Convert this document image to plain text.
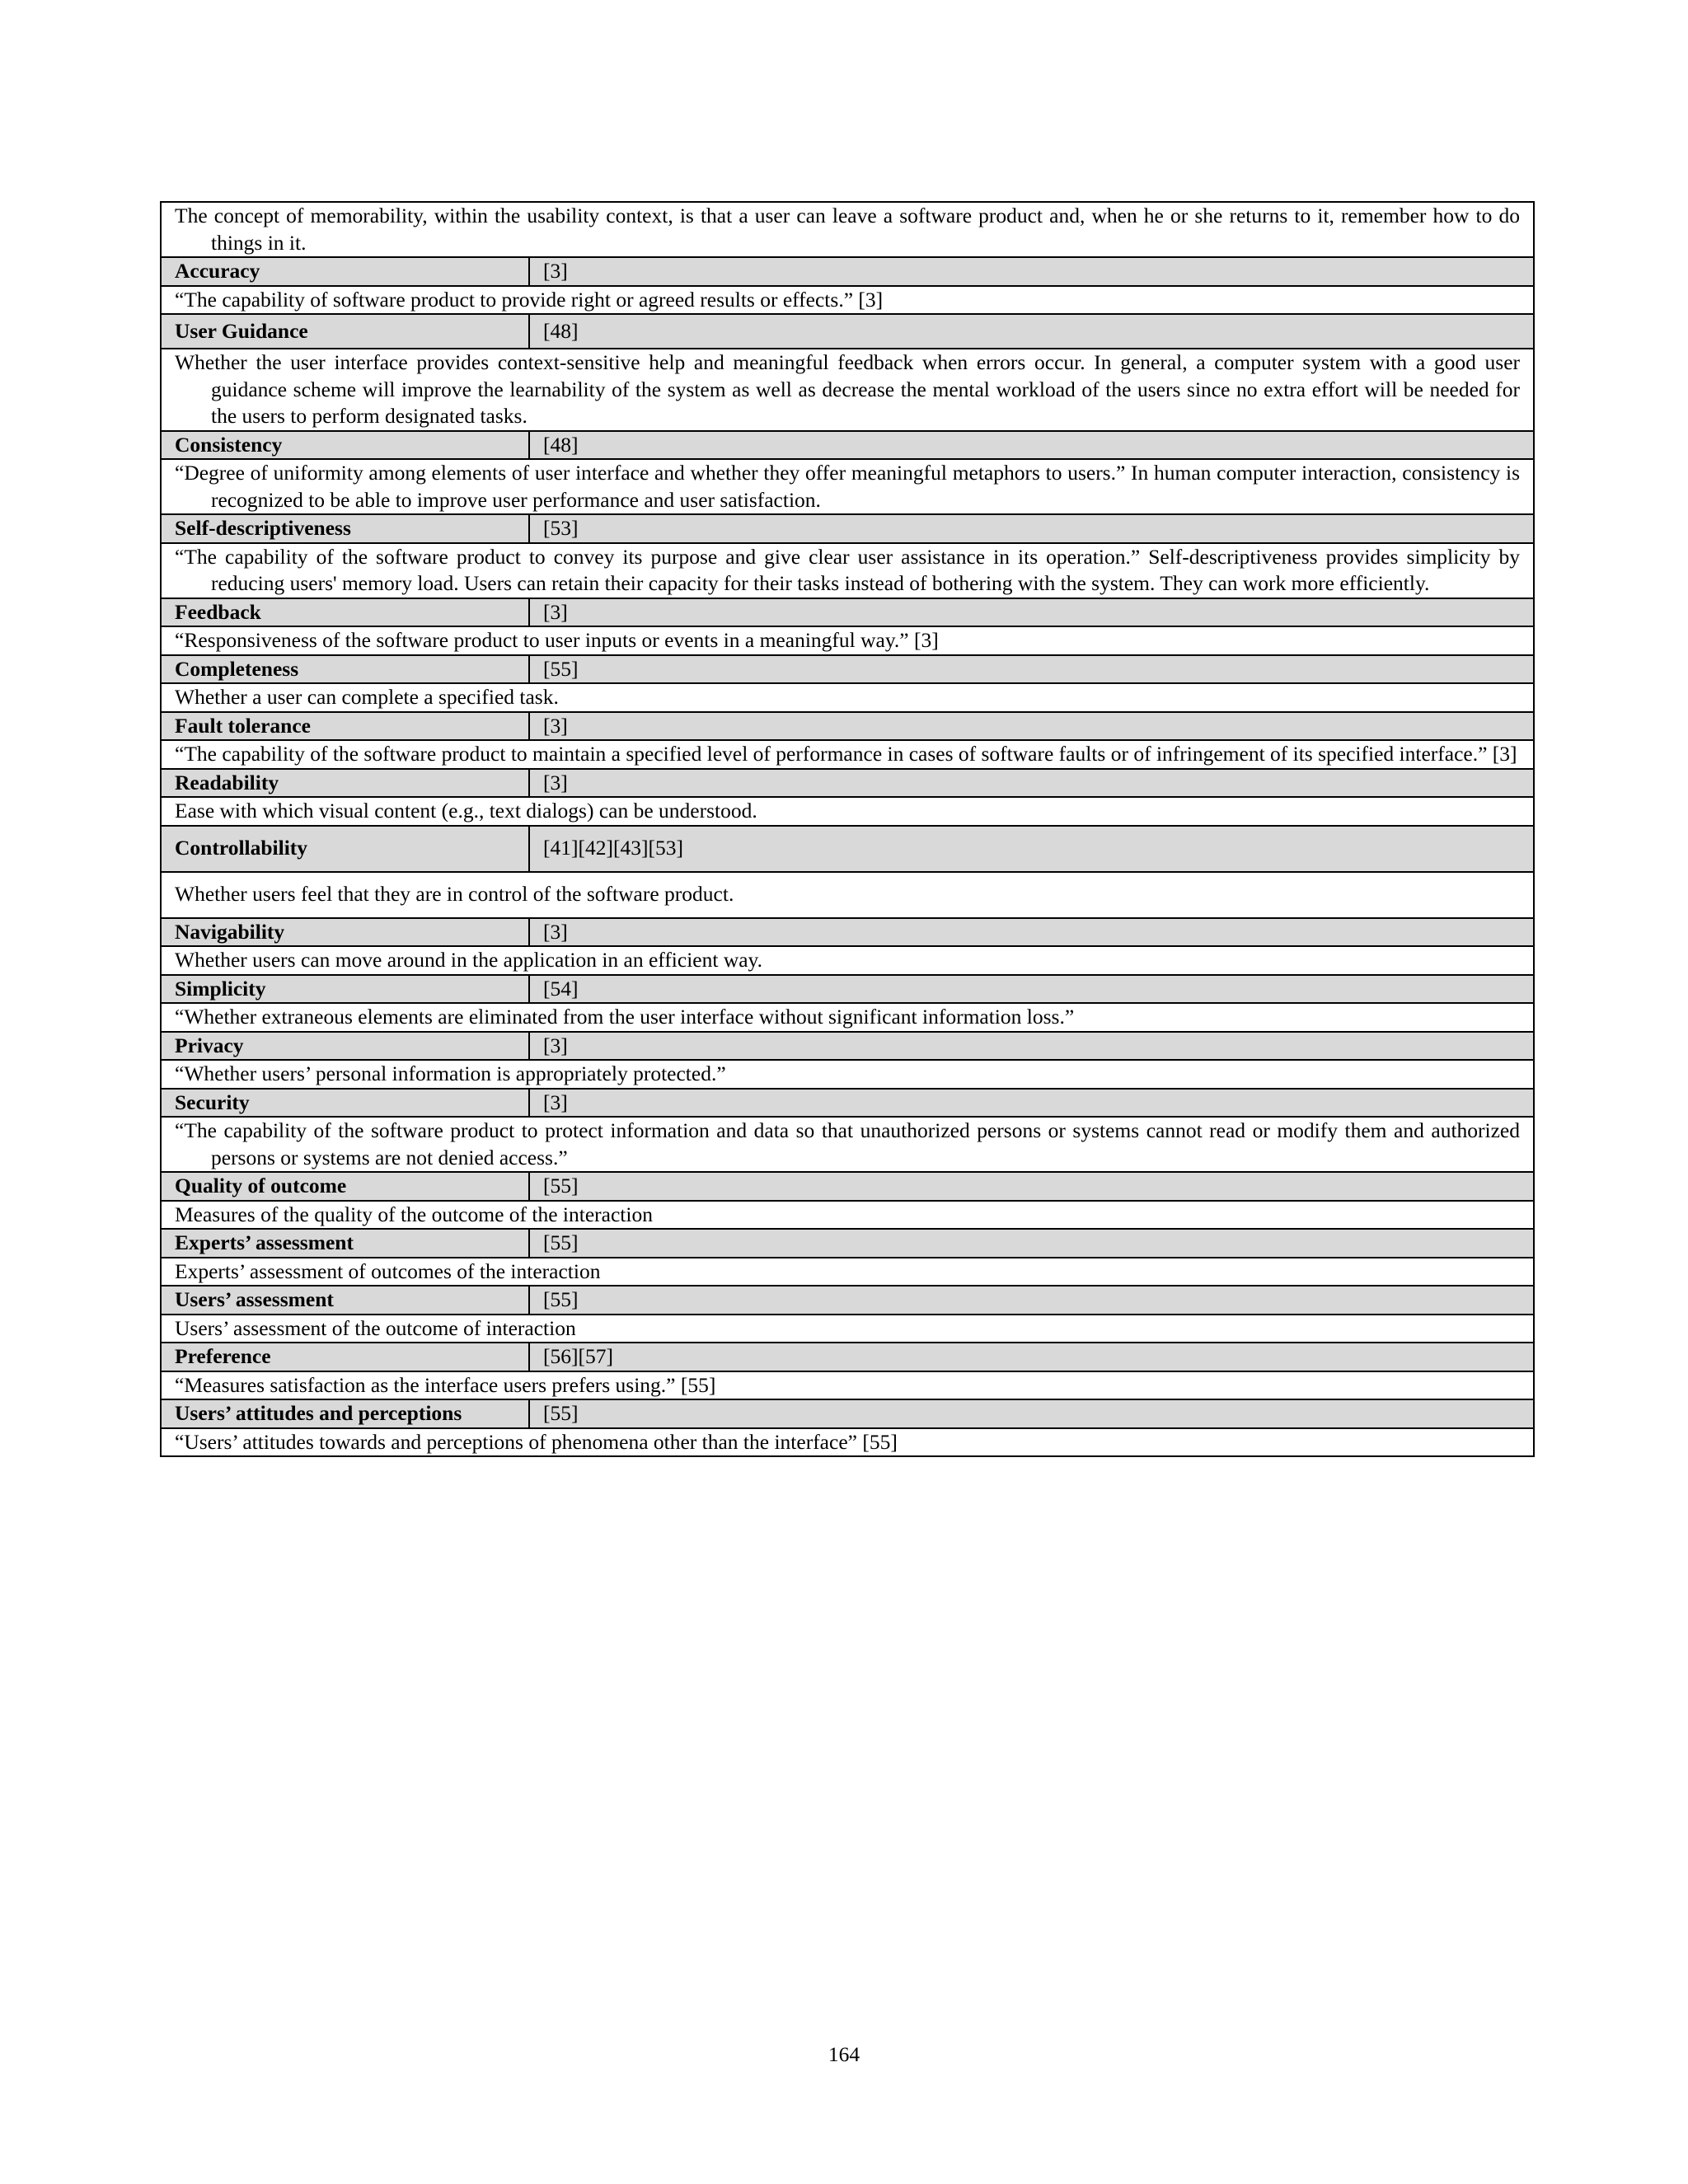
The concept of memorability, within the usability context, is that a user can leave a software product and, when he or she returns to it, remember how to do things in it.	
Accuracy	[3]
“The capability of software product to provide right or agreed results or effects.” [3]	
User Guidance	[48]
Whether the user interface provides context-sensitive help and meaningful feedback when errors occur. In general, a computer system with a good user guidance scheme will improve the learnability of the system as well as decrease the mental workload of the users since no extra effort will be needed for the users to perform designated tasks.	
Consistency	[48]
“Degree of uniformity among elements of user interface and whether they offer meaningful metaphors to users.” In human computer interaction, consistency is recognized to be able to improve user performance and user satisfaction.	
Self-descriptiveness	[53]
“The capability of the software product to convey its purpose and give clear user assistance in its operation.” Self-descriptiveness provides simplicity by reducing users' memory load. Users can retain their capacity for their tasks instead of bothering with the system. They can work more efficiently.	
Feedback	[3]
“Responsiveness of the software product to user inputs or events in a meaningful way.” [3]	
Completeness	[55]
Whether a user can complete a specified task.	
Fault tolerance	[3]
“The capability of the software product to maintain a specified level of performance in cases of software faults or of infringement of its specified interface.” [3]	
Readability	[3]
Ease with which visual content (e.g., text dialogs) can be understood.	
Controllability	[41][42][43][53]
Whether users feel that they are in control of the software product.	
Navigability	[3]
Whether users can move around in the application in an efficient way.	
Simplicity	[54]
“Whether extraneous elements are eliminated from the user interface without significant information loss.”	
Privacy	[3]
“Whether users’ personal information is appropriately protected.”	
Security	[3]
“The capability of the software product to protect information and data so that unauthorized persons or systems cannot read or modify them and authorized persons or systems are not denied access.”	
Quality of outcome	[55]
Measures of the quality of the outcome of the interaction	
Experts’ assessment	[55]
Experts’ assessment of outcomes of the interaction	
Users’ assessment	[55]
Users’ assessment of the outcome of interaction	
Preference	[56][57]
“Measures satisfaction as the interface users prefers using.” [55]	
Users’ attitudes and perceptions	[55]
“Users’ attitudes towards and perceptions of phenomena other than the interface” [55]	
164
